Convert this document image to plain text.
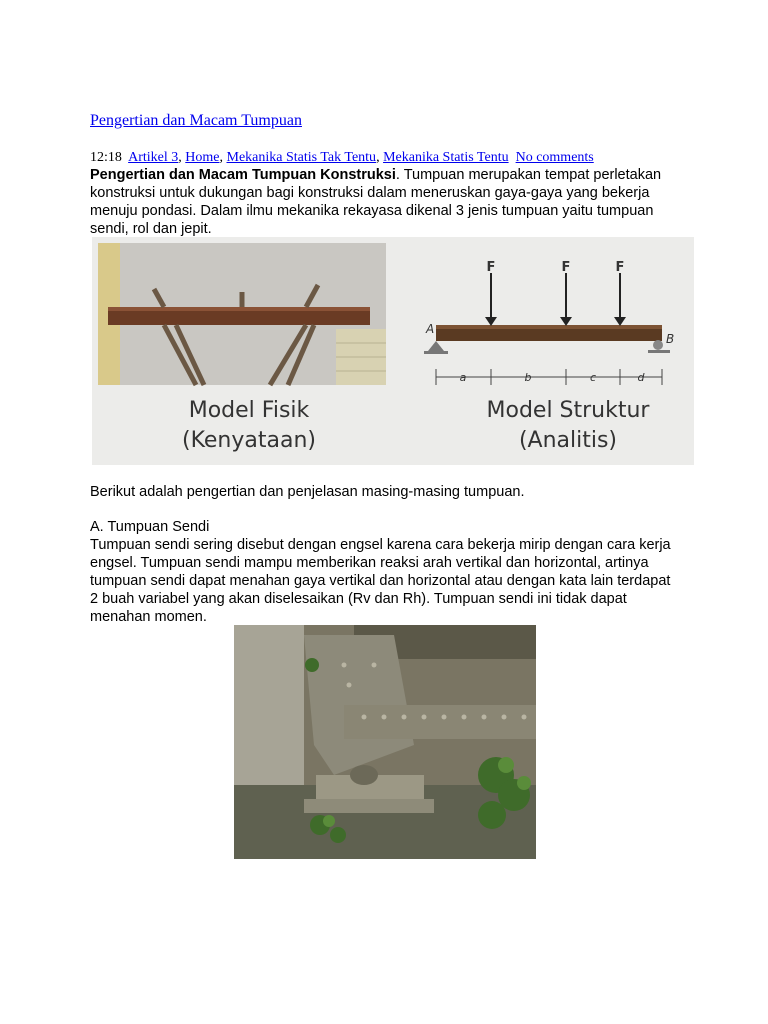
Pengertian dan Macam Tumpuan
12:18 Artikel 3, Home, Mekanika Statis Tak Tentu, Mekanika Statis Tentu No comments
Pengertian dan Macam Tumpuan Konstruksi. Tumpuan merupakan tempat perletakan konstruksi untuk dukungan bagi konstruksi dalam meneruskan gaya-gaya yang bekerja menuju pondasi. Dalam ilmu mekanika rekayasa dikenal 3 jenis tumpuan yaitu tumpuan sendi, rol dan jepit.
F	F	F
A
B
a	b	c	d
Model Fisik
(Kenyataan)
Model Struktur
(Analitis)
Berikut adalah pengertian dan penjelasan masing-masing tumpuan.
A. Tumpuan Sendi
Tumpuan sendi sering disebut dengan engsel karena cara bekerja mirip dengan cara kerja engsel. Tumpuan sendi mampu memberikan reaksi arah vertikal dan horizontal, artinya tumpuan sendi dapat menahan gaya vertikal dan horizontal atau dengan kata lain terdapat 2 buah variabel yang akan diselesaikan (Rv dan Rh). Tumpuan sendi ini tidak dapat menahan momen.
